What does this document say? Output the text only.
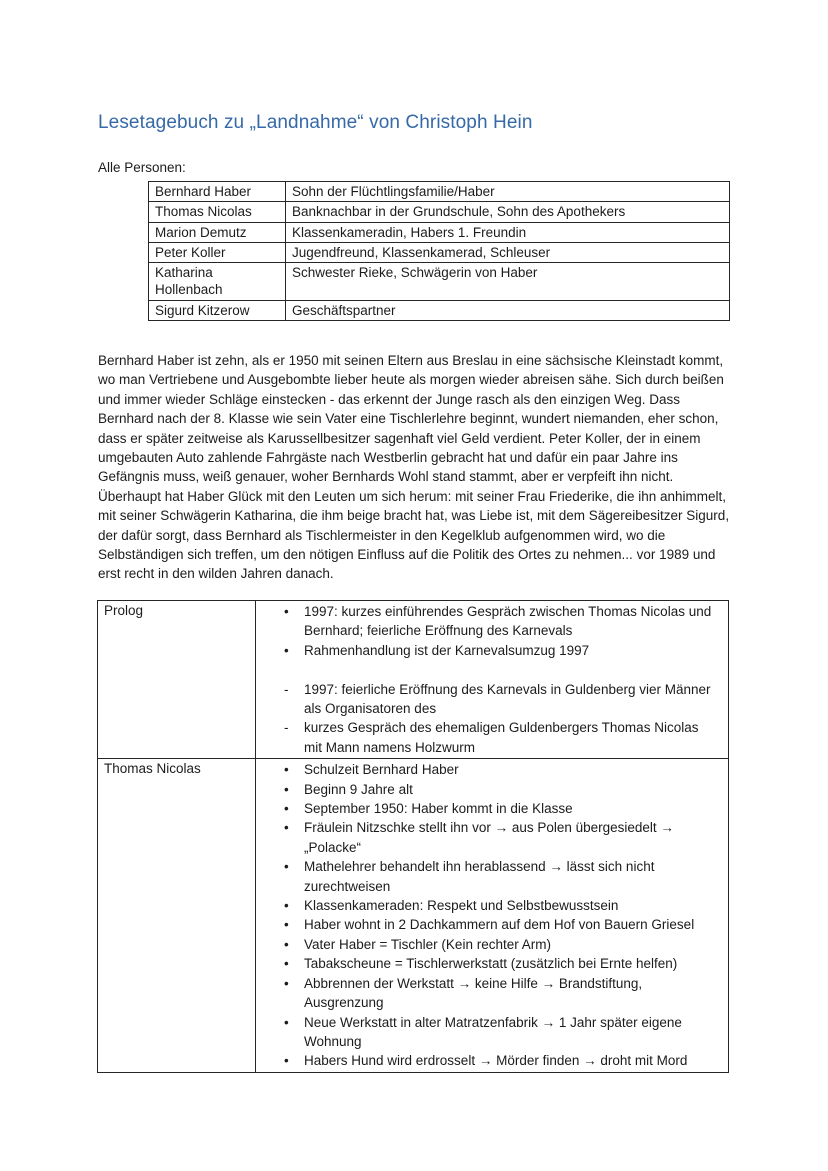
Lesetagebuch zu „Landnahme“ von Christoph Hein
Alle Personen:
Bernhard Haber	Sohn der Flüchtlingsfamilie/Haber
Thomas Nicolas	Banknachbar in der Grundschule, Sohn des Apothekers
Marion Demutz	Klassenkameradin, Habers 1. Freundin
Peter Koller	Jugendfreund, Klassenkamerad, Schleuser
Katharina Hollenbach	Schwester Rieke, Schwägerin von Haber
Sigurd Kitzerow	Geschäftspartner

Bernhard Haber ist zehn, als er 1950 mit seinen Eltern aus Breslau in eine sächsische Kleinstadt kommt, wo man Vertriebene und Ausgebombte lieber heute als morgen wieder abreisen sähe. Sich durch beißen und immer wieder Schläge einstecken - das erkennt der Junge rasch als den einzigen Weg. Dass Bernhard nach der 8. Klasse wie sein Vater eine Tischlerlehre beginnt, wundert niemanden, eher schon, dass er später zeitweise als Karussellbesitzer sagenhaft viel Geld verdient. Peter Koller, der in einem umgebauten Auto zahlende Fahrgäste nach Westberlin gebracht hat und dafür ein paar Jahre ins Gefängnis muss, weiß genauer, woher Bernhards Wohl stand stammt, aber er verpfeift ihn nicht. Überhaupt hat Haber Glück mit den Leuten um sich herum: mit seiner Frau Friederike, die ihn anhimmelt, mit seiner Schwägerin Katharina, die ihm beige bracht hat, was Liebe ist, mit dem Sägereibesitzer Sigurd, der dafür sorgt, dass Bernhard als Tischlermeister in den Kegelklub aufgenommen wird, wo die Selbständigen sich treffen, um den nötigen Einfluss auf die Politik des Ortes zu nehmen... vor 1989 und erst recht in den wilden Jahren danach.

Prolog	•	1997: kurzes einführendes Gespräch zwischen Thomas Nicolas und Bernhard; feierliche Eröffnung des Karnevals
•	Rahmenhandlung ist der Karnevalsumzug 1997
-	1997: feierliche Eröffnung des Karnevals in Guldenberg vier Männer als Organisatoren des
-	kurzes Gespräch des ehemaligen Guldenbergers Thomas Nicolas mit Mann namens Holzwurm

Thomas Nicolas	•	Schulzeit Bernhard Haber
•	Beginn 9 Jahre alt
•	September 1950: Haber kommt in die Klasse
•	Fräulein Nitzschke stellt ihn vor → aus Polen übergesiedelt → „Polacke“
•	Mathelehrer behandelt ihn herablassend → lässt sich nicht zurechtweisen
•	Klassenkameraden: Respekt und Selbstbewusstsein
•	Haber wohnt in 2 Dachkammern auf dem Hof von Bauern Griesel
•	Vater Haber = Tischler (Kein rechter Arm)
•	Tabakscheune = Tischlerwerkstatt (zusätzlich bei Ernte helfen)
•	Abbrennen der Werkstatt → keine Hilfe → Brandstiftung, Ausgrenzung
•	Neue Werkstatt in alter Matratzenfabrik → 1 Jahr später eigene Wohnung
•	Habers Hund wird erdrosselt → Mörder finden → droht mit Mord
